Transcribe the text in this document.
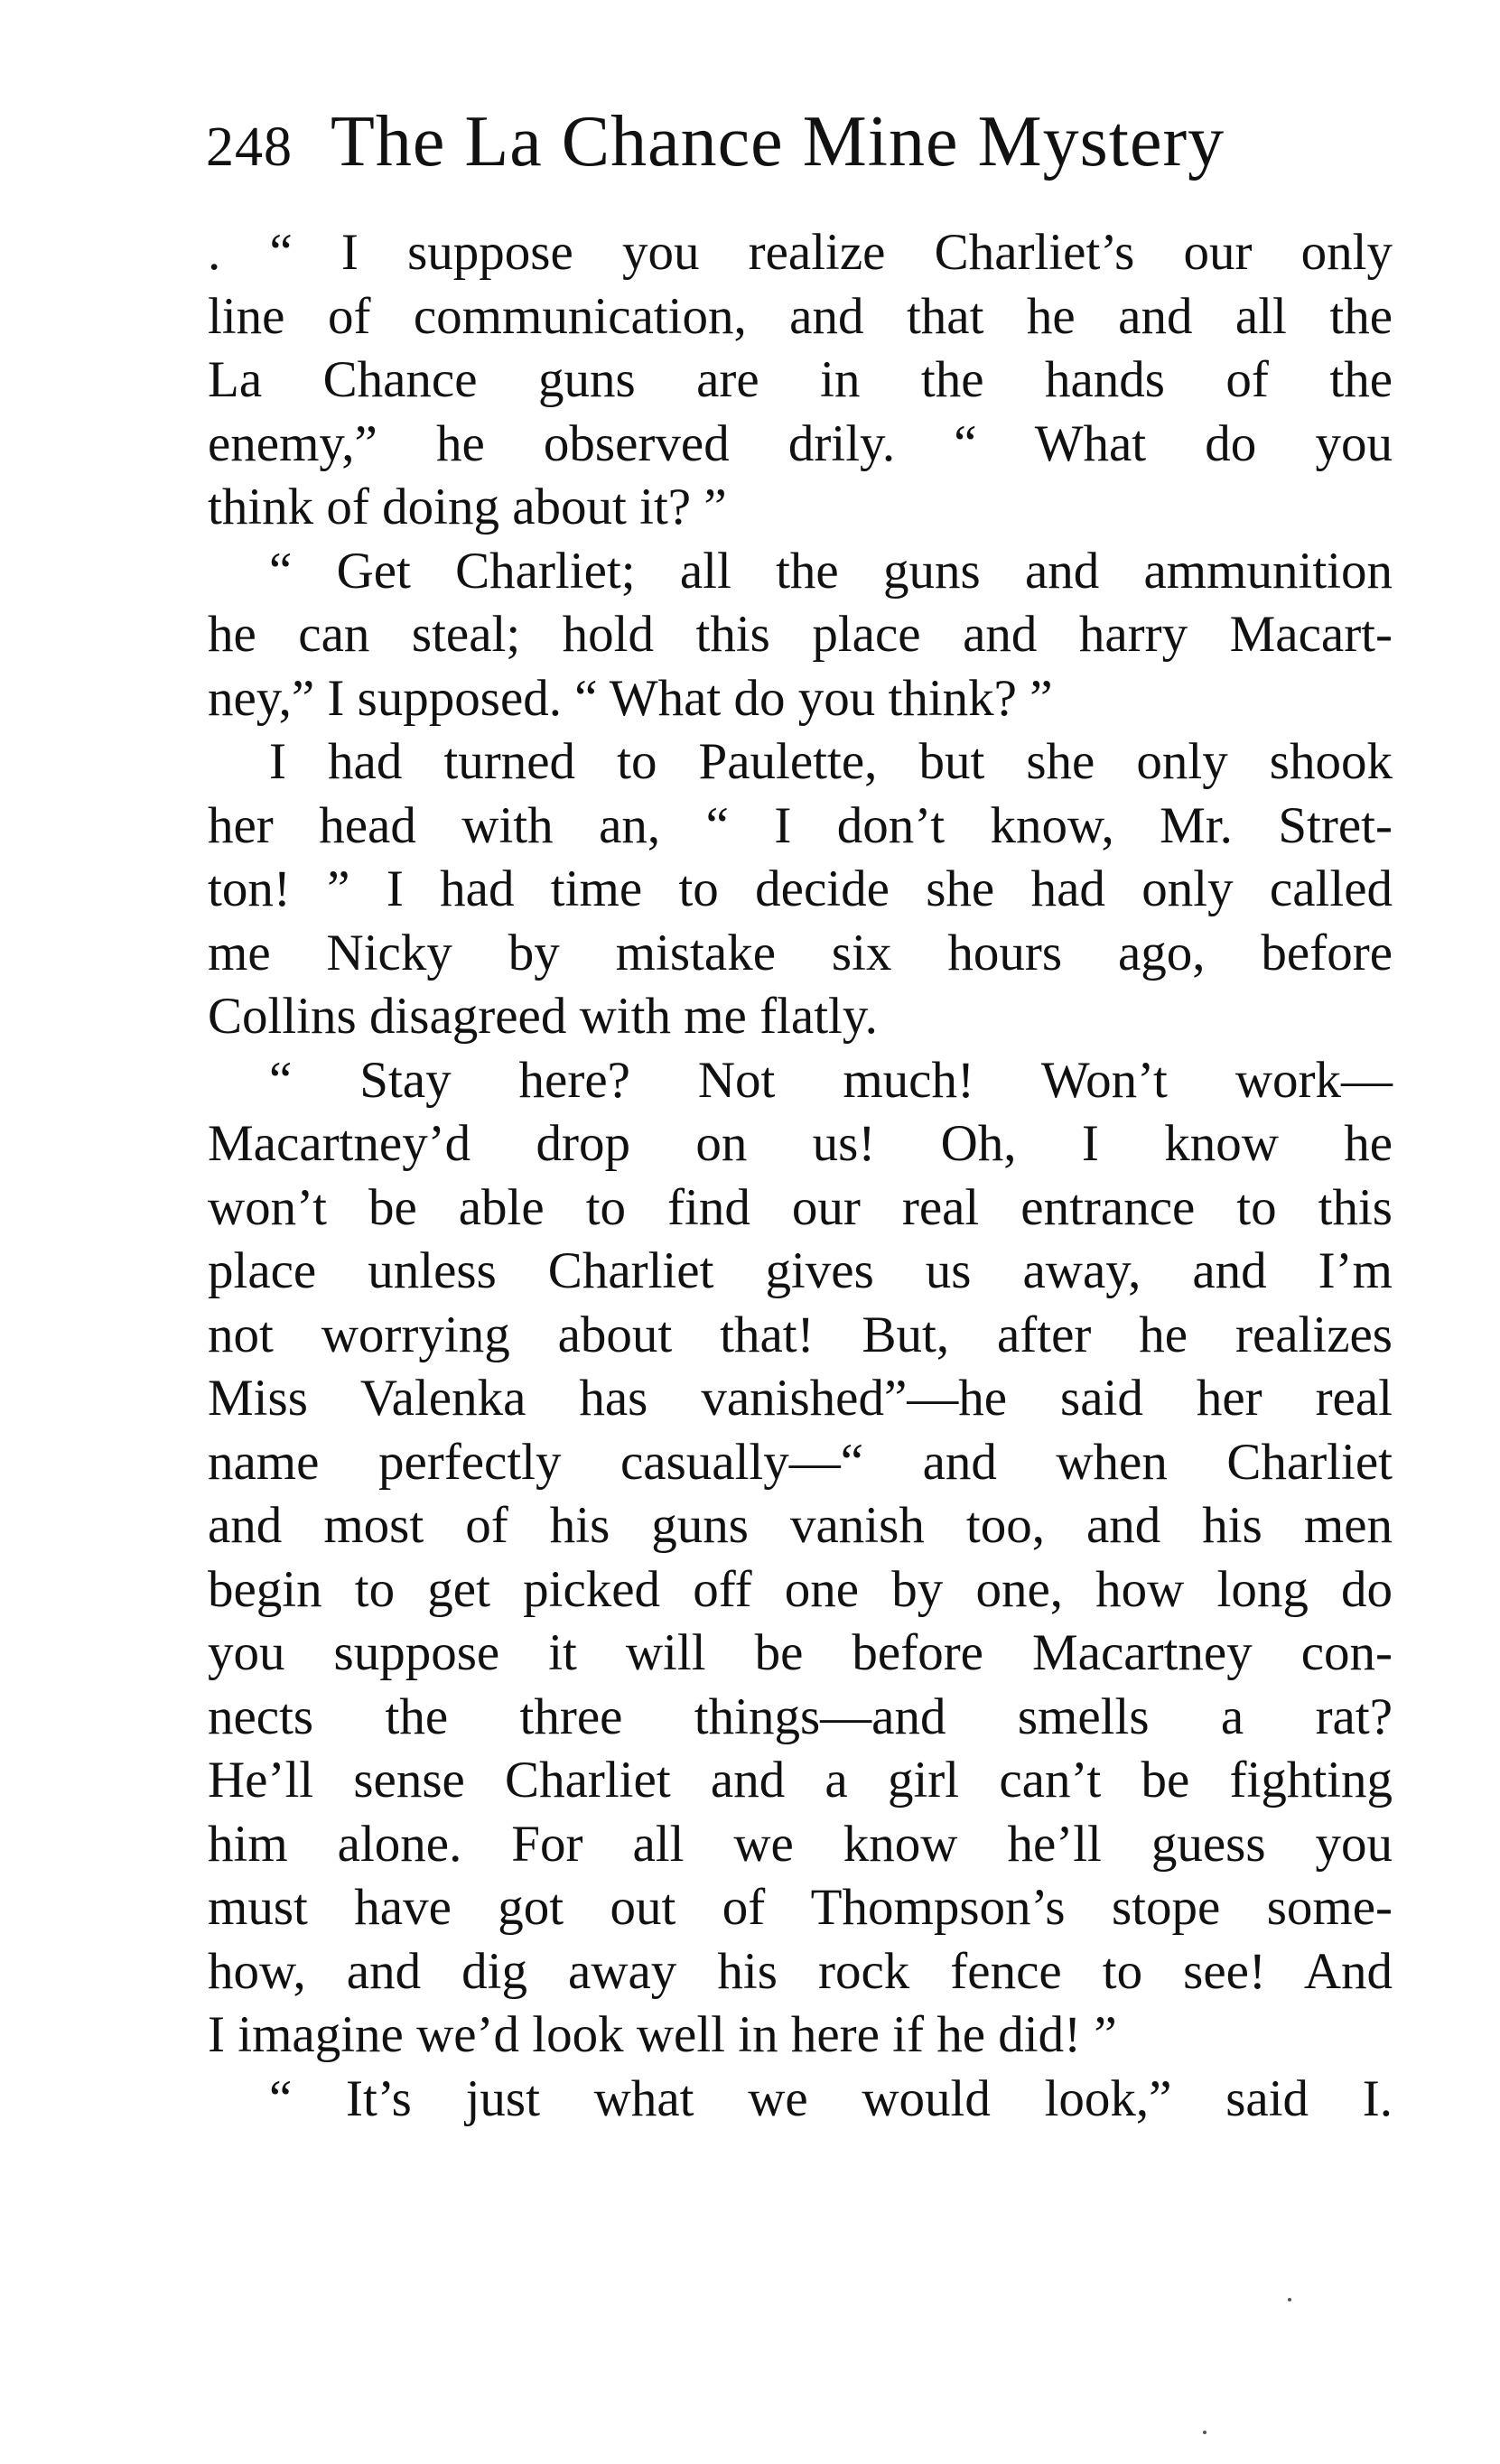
248 The La Chance Mine Mystery
. “ I suppose you realize Charliet’s our only
line of communication, and that he and all the
La Chance guns are in the hands of the
enemy,” he observed drily. “ What do you
think of doing about it? ”
“ Get Charliet; all the guns and ammunition
he can steal; hold this place and harry Macart-
ney,” I supposed. “ What do you think? ”
I had turned to Paulette, but she only shook
her head with an, “ I don’t know, Mr. Stret-
ton! ” I had time to decide she had only called
me Nicky by mistake six hours ago, before
Collins disagreed with me flatly.
“ Stay here? Not much! Won’t work—
Macartney’d drop on us! Oh, I know he
won’t be able to find our real entrance to this
place unless Charliet gives us away, and I’m
not worrying about that! But, after he realizes
Miss Valenka has vanished”—he said her real
name perfectly casually—“ and when Charliet
and most of his guns vanish too, and his men
begin to get picked off one by one, how long do
you suppose it will be before Macartney con-
nects the three things—and smells a rat?
He’ll sense Charliet and a girl can’t be fighting
him alone. For all we know he’ll guess you
must have got out of Thompson’s stope some-
how, and dig away his rock fence to see! And
I imagine we’d look well in here if he did! ”
“ It’s just what we would look,” said I.
